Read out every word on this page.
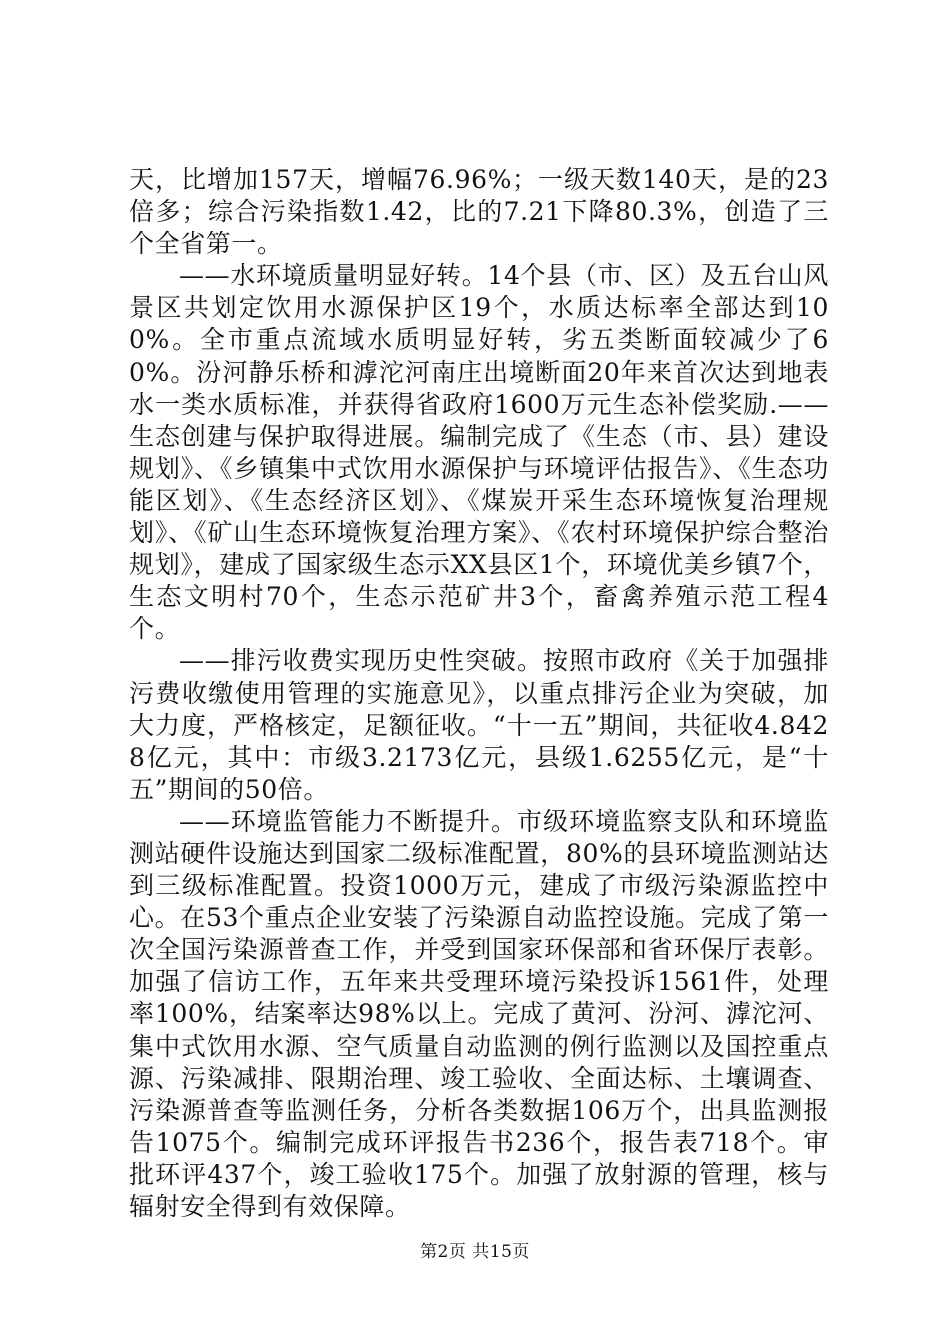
天，比增加157天，增幅76.96%；一级天数140天，是的23倍多；综合污染指数1.42，比的7.21下降80.3%，创造了三个全省第一。

——水环境质量明显好转。14个县（市、区）及五台山风景区共划定饮用水源保护区19个，水质达标率全部达到100%。全市重点流域水质明显好转，劣五类断面较减少了60%。汾河静乐桥和滹沱河南庄出境断面20年来首次达到地表水一类水质标准，并获得省政府1600万元生态补偿奖励.——生态创建与保护取得进展。编制完成了《生态（市、县）建设规划》、《乡镇集中式饮用水源保护与环境评估报告》、《生态功能区划》、《生态经济区划》、《煤炭开采生态环境恢复治理规划》、《矿山生态环境恢复治理方案》、《农村环境保护综合整治规划》，建成了国家级生态示XX县区1个，环境优美乡镇7个，生态文明村70个，生态示范矿井3个，畜禽养殖示范工程4个。

——排污收费实现历史性突破。按照市政府《关于加强排污费收缴使用管理的实施意见》，以重点排污企业为突破，加大力度，严格核定，足额征收。“十一五”期间，共征收4.8428亿元，其中：市级3.2173亿元，县级1.6255亿元，是“十五”期间的50倍。

——环境监管能力不断提升。市级环境监察支队和环境监测站硬件设施达到国家二级标准配置，80%的县环境监测站达到三级标准配置。投资1000万元，建成了市级污染源监控中心。在53个重点企业安装了污染源自动监控设施。完成了第一次全国污染源普查工作，并受到国家环保部和省环保厅表彰。加强了信访工作，五年来共受理环境污染投诉1561件，处理率100%，结案率达98%以上。完成了黄河、汾河、滹沱河、集中式饮用水源、空气质量自动监测的例行监测以及国控重点源、污染减排、限期治理、竣工验收、全面达标、土壤调查、污染源普查等监测任务，分析各类数据106万个，出具监测报告1075个。编制完成环评报告书236个，报告表718个。审批环评437个，竣工验收175个。加强了放射源的管理，核与辐射安全得到有效保障。

第2页 共15页
